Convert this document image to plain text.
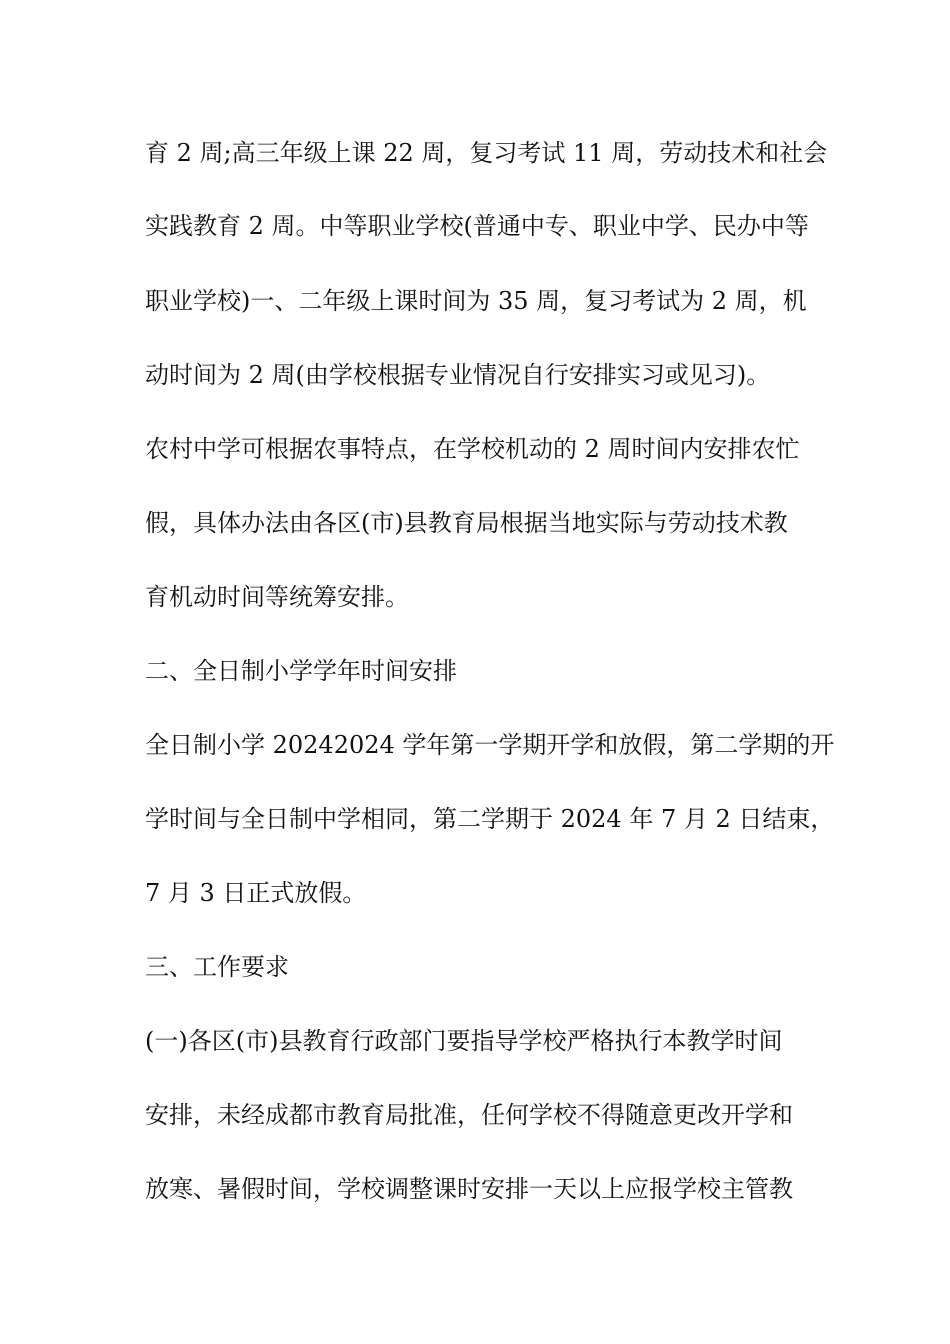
育 2 周;高三年级上课 22 周，复习考试 11 周，劳动技术和社会

实践教育 2 周。中等职业学校(普通中专、职业中学、民办中等

职业学校)一、二年级上课时间为 35 周，复习考试为 2 周，机

动时间为 2 周(由学校根据专业情况自行安排实习或见习)。

农村中学可根据农事特点，在学校机动的 2 周时间内安排农忙

假，具体办法由各区(市)县教育局根据当地实际与劳动技术教

育机动时间等统筹安排。

二、全日制小学学年时间安排

全日制小学 20242024 学年第一学期开学和放假，第二学期的开

学时间与全日制中学相同，第二学期于 2024 年 7 月 2 日结束，

7 月 3 日正式放假。

三、工作要求

(一)各区(市)县教育行政部门要指导学校严格执行本教学时间

安排，未经成都市教育局批准，任何学校不得随意更改开学和

放寒、暑假时间，学校调整课时安排一天以上应报学校主管教
